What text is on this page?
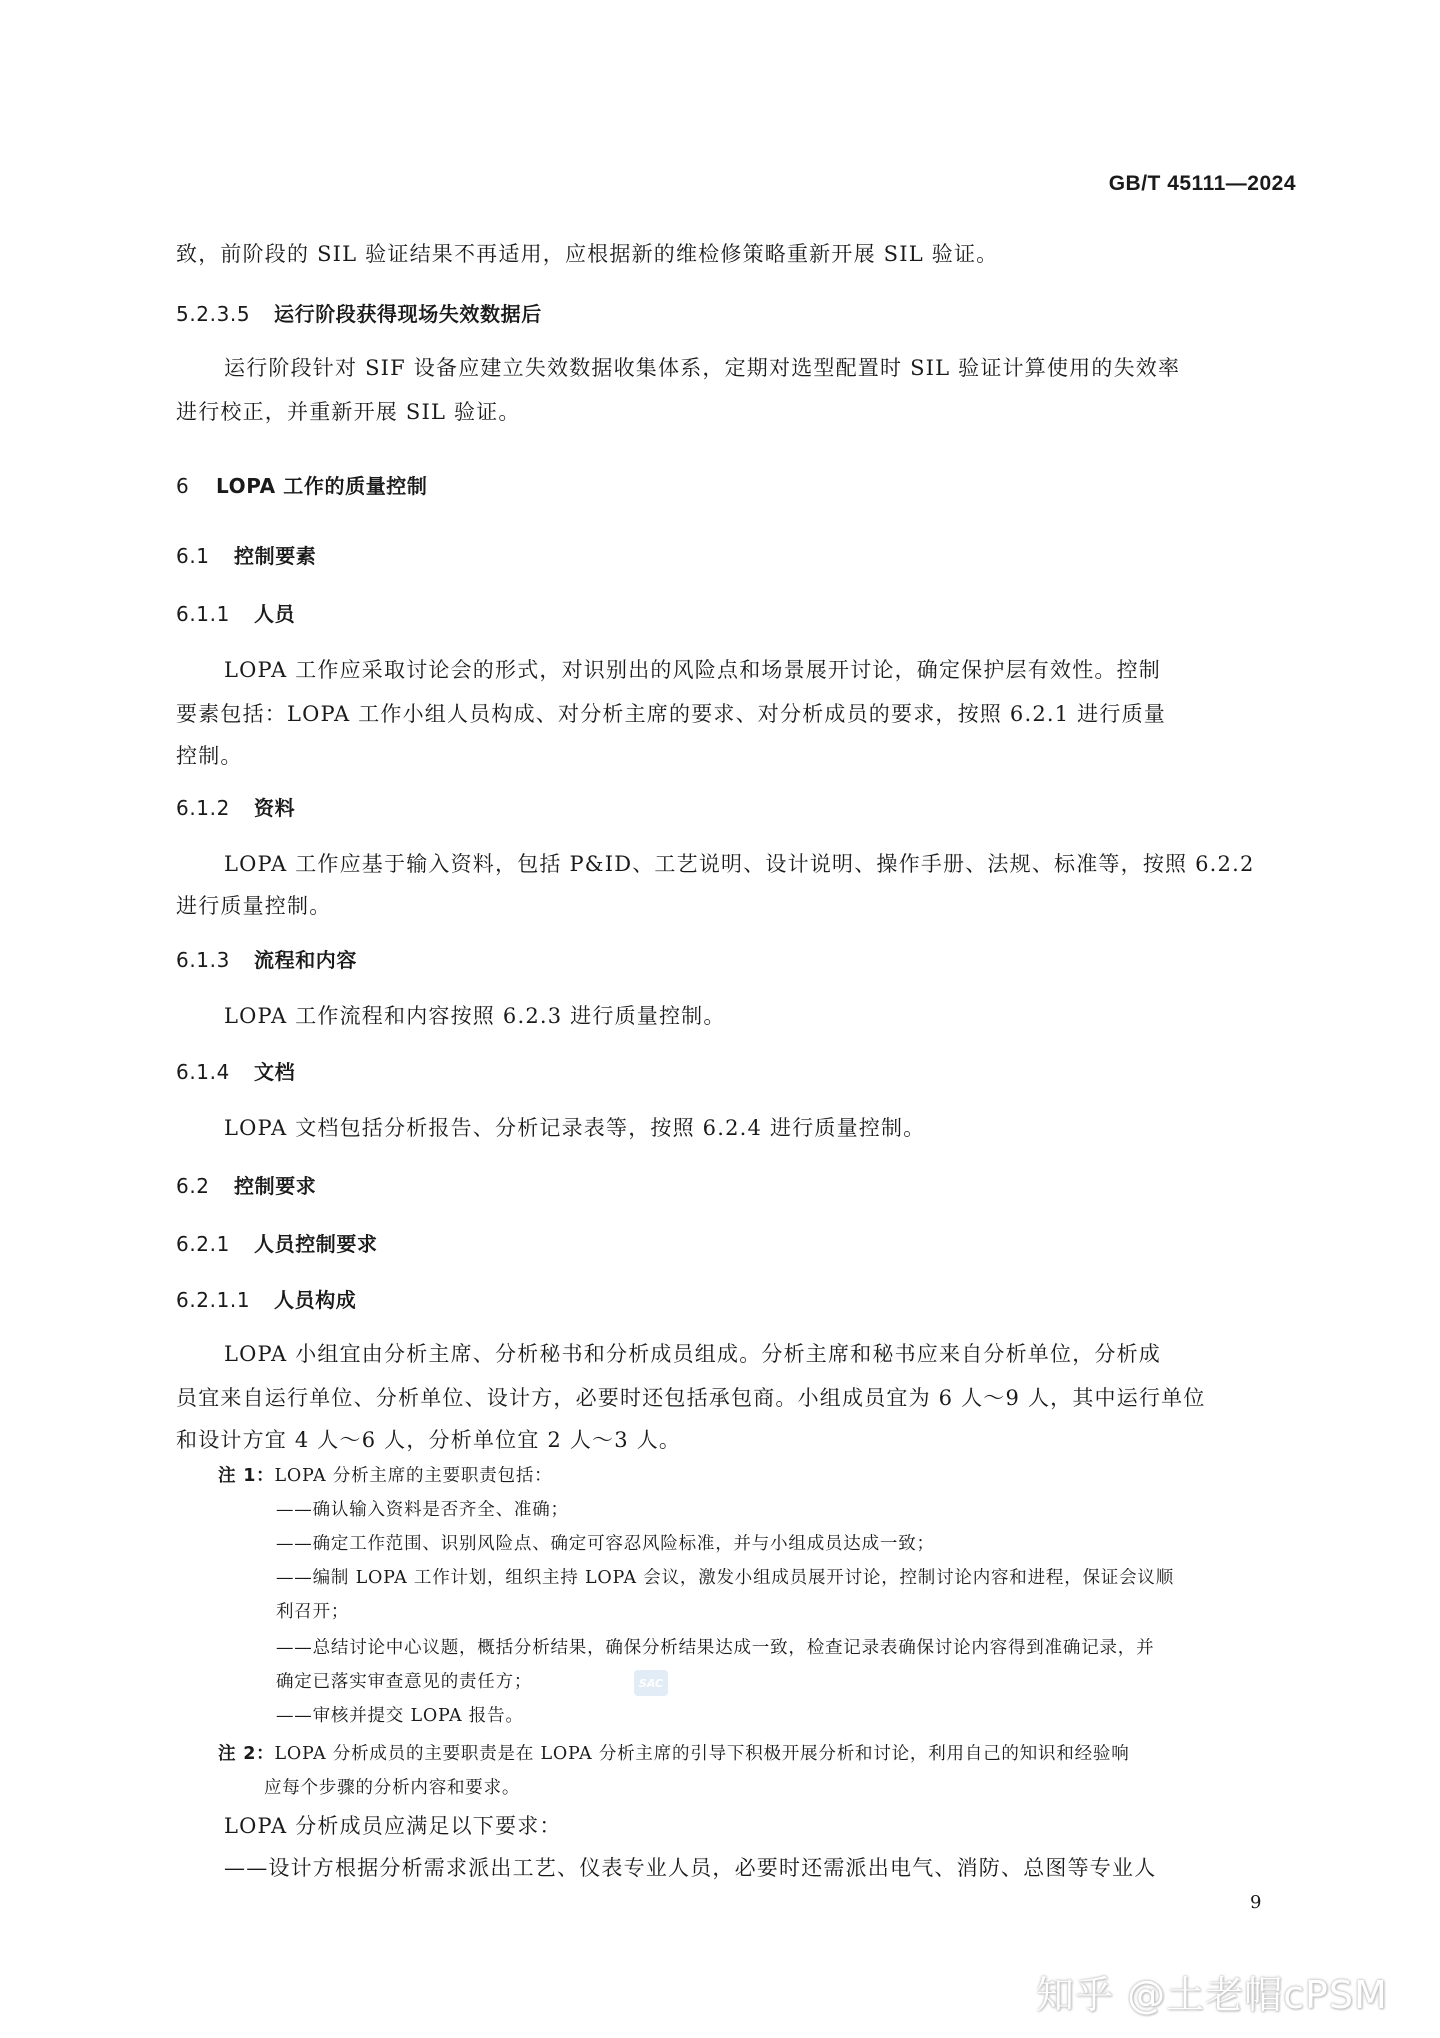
GB/T 45111—2024
致，前阶段的 SIL 验证结果不再适用，应根据新的维检修策略重新开展 SIL 验证。
5.2.3.5 运行阶段获得现场失效数据后
运行阶段针对 SIF 设备应建立失效数据收集体系，定期对选型配置时 SIL 验证计算使用的失效率
进行校正，并重新开展 SIL 验证。
6 LOPA 工作的质量控制
6.1 控制要素
6.1.1 人员
LOPA 工作应采取讨论会的形式，对识别出的风险点和场景展开讨论，确定保护层有效性。控制
要素包括：LOPA 工作小组人员构成、对分析主席的要求、对分析成员的要求，按照 6.2.1 进行质量
控制。
6.1.2 资料
LOPA 工作应基于输入资料，包括 P&ID、工艺说明、设计说明、操作手册、法规、标准等，按照 6.2.2
进行质量控制。
6.1.3 流程和内容
LOPA 工作流程和内容按照 6.2.3 进行质量控制。
6.1.4 文档
LOPA 文档包括分析报告、分析记录表等，按照 6.2.4 进行质量控制。
6.2 控制要求
6.2.1 人员控制要求
6.2.1.1 人员构成
LOPA 小组宜由分析主席、分析秘书和分析成员组成。分析主席和秘书应来自分析单位，分析成
员宜来自运行单位、分析单位、设计方，必要时还包括承包商。小组成员宜为 6 人～9 人，其中运行单位
和设计方宜 4 人～6 人，分析单位宜 2 人～3 人。
注 1：LOPA 分析主席的主要职责包括：
——确认输入资料是否齐全、准确；
——确定工作范围、识别风险点、确定可容忍风险标准，并与小组成员达成一致；
——编制 LOPA 工作计划，组织主持 LOPA 会议，激发小组成员展开讨论，控制讨论内容和进程，保证会议顺
利召开；
——总结讨论中心议题，概括分析结果，确保分析结果达成一致，检查记录表确保讨论内容得到准确记录，并
确定已落实审查意见的责任方；	SAC
——审核并提交 LOPA 报告。
注 2：LOPA 分析成员的主要职责是在 LOPA 分析主席的引导下积极开展分析和讨论，利用自己的知识和经验响
应每个步骤的分析内容和要求。
LOPA 分析成员应满足以下要求：
——设计方根据分析需求派出工艺、仪表专业人员，必要时还需派出电气、消防、总图等专业人
9
知乎 @土老帽cPSM
